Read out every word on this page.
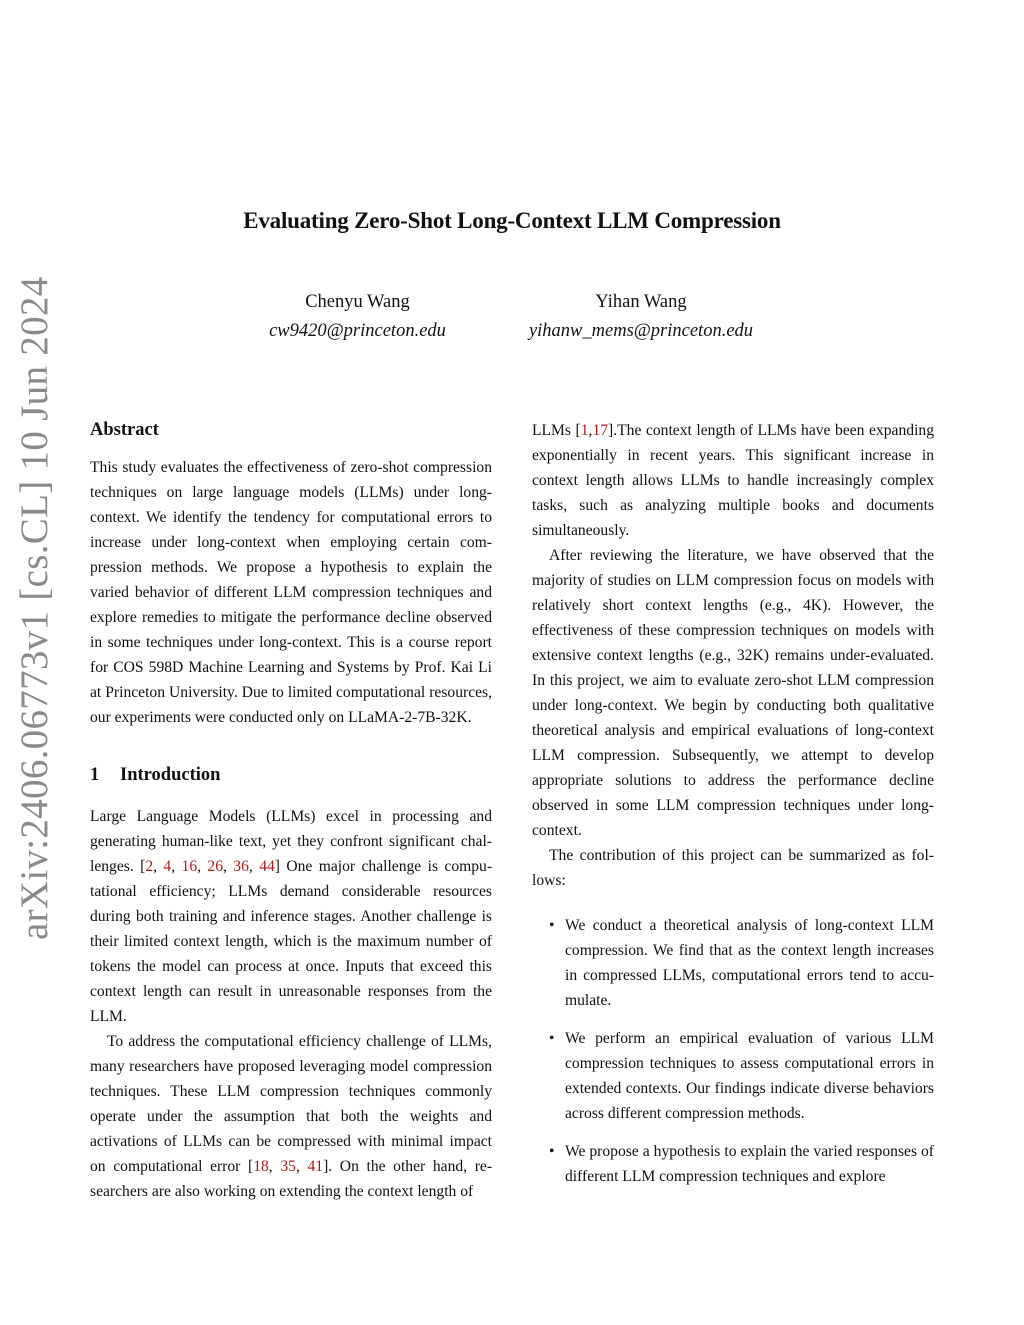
arXiv:2406.06773v1 [cs.CL] 10 Jun 2024
Evaluating Zero-Shot Long-Context LLM Compression
Chenyu Wang
cw9420@princeton.edu
Yihan Wang
yihanw_mems@princeton.edu
Abstract

This study evaluates the effectiveness of zero-shot compression techniques on large language models (LLMs) under long-context. We identify the tendency for computational errors to increase under long-context when employing certain compression methods. We propose a hypothesis to explain the varied behavior of different LLM compression techniques and explore remedies to mitigate the performance decline observed in some techniques under long-context. This is a course report for COS 598D Machine Learning and Systems by Prof. Kai Li at Princeton University. Due to limited computational resources, our experiments were conducted only on LLaMA-2-7B-32K.

1 Introduction

Large Language Models (LLMs) excel in processing and generating human-like text, yet they confront significant challenges. [2, 4, 16, 26, 36, 44] One major challenge is computational efficiency; LLMs demand considerable resources during both training and inference stages. Another challenge is their limited context length, which is the maximum number of tokens the model can process at once. Inputs that exceed this context length can result in unreasonable responses from the LLM.

To address the computational efficiency challenge of LLMs, many researchers have proposed leveraging model compression techniques. These LLM compression techniques commonly operate under the assumption that both the weights and activations of LLMs can be compressed with minimal impact on computational error [18, 35, 41]. On the other hand, researchers are also working on extending the context length of

LLMs [1,17].The context length of LLMs have been expanding exponentially in recent years. This significant increase in context length allows LLMs to handle increasingly complex tasks, such as analyzing multiple books and documents simultaneously.

After reviewing the literature, we have observed that the majority of studies on LLM compression focus on models with relatively short context lengths (e.g., 4K). However, the effectiveness of these compression techniques on models with extensive context lengths (e.g., 32K) remains under-evaluated. In this project, we aim to evaluate zero-shot LLM compression under long-context. We begin by conducting both qualitative theoretical analysis and empirical evaluations of long-context LLM compression. Subsequently, we attempt to develop appropriate solutions to address the performance decline observed in some LLM compression techniques under long-context.

The contribution of this project can be summarized as follows:

• We conduct a theoretical analysis of long-context LLM compression. We find that as the context length increases in compressed LLMs, computational errors tend to accumulate.
• We perform an empirical evaluation of various LLM compression techniques to assess computational errors in extended contexts. Our findings indicate diverse behaviors across different compression methods.
• We propose a hypothesis to explain the varied responses of different LLM compression techniques and explore
